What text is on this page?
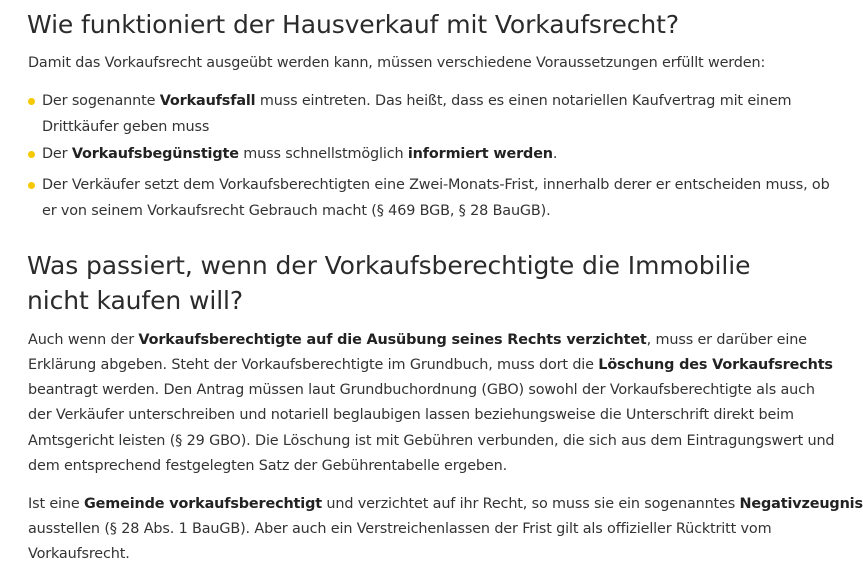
Wie funktioniert der Hausverkauf mit Vorkaufsrecht?
Damit das Vorkaufsrecht ausgeübt werden kann, müssen verschiedene Voraussetzungen erfüllt werden:
Der sogenannte Vorkaufsfall muss eintreten. Das heißt, dass es einen notariellen Kaufvertrag mit einem
Drittkäufer geben muss
Der Vorkaufsbegünstigte muss schnellstmöglich informiert werden.
Der Verkäufer setzt dem Vorkaufsberechtigten eine Zwei-Monats-Frist, innerhalb derer er entscheiden muss, ob
er von seinem Vorkaufsrecht Gebrauch macht (§ 469 BGB, § 28 BauGB).
Was passiert, wenn der Vorkaufsberechtigte die Immobilie
nicht kaufen will?
Auch wenn der Vorkaufsberechtigte auf die Ausübung seines Rechts verzichtet, muss er darüber eine
Erklärung abgeben. Steht der Vorkaufsberechtigte im Grundbuch, muss dort die Löschung des Vorkaufsrechts
beantragt werden. Den Antrag müssen laut Grundbuchordnung (GBO) sowohl der Vorkaufsberechtigte als auch
der Verkäufer unterschreiben und notariell beglaubigen lassen beziehungsweise die Unterschrift direkt beim
Amtsgericht leisten (§ 29 GBO). Die Löschung ist mit Gebühren verbunden, die sich aus dem Eintragungswert und
dem entsprechend festgelegten Satz der Gebührentabelle ergeben.
Ist eine Gemeinde vorkaufsberechtigt und verzichtet auf ihr Recht, so muss sie ein sogenanntes Negativzeugnis
ausstellen (§ 28 Abs. 1 BauGB). Aber auch ein Verstreichenlassen der Frist gilt als offizieller Rücktritt vom
Vorkaufsrecht.
